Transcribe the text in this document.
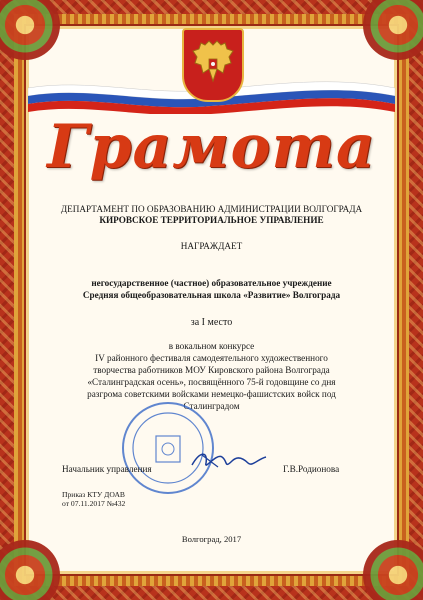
Грамота
ДЕПАРТАМЕНТ ПО ОБРАЗОВАНИЮ АДМИНИСТРАЦИИ ВОЛГОГРАДА
КИРОВСКОЕ ТЕРРИТОРИАЛЬНОЕ УПРАВЛЕНИЕ
НАГРАЖДАЕТ
негосударственное (частное) образовательное учреждение
Средняя общеобразовательная школа «Развитие» Волгограда
за I место
в вокальном конкурсе
IV районного фестиваля самодеятельного художественного
творчества работников МОУ Кировского района Волгограда
«Сталинградская осень», посвящённого 75-й годовщине со дня
разгрома советскими войсками немецко-фашистских войск под
Сталинградом
Начальник управления	Г.В.Родионова
Приказ КТУ ДОАВ
от 07.11.2017 №432
Волгоград, 2017
